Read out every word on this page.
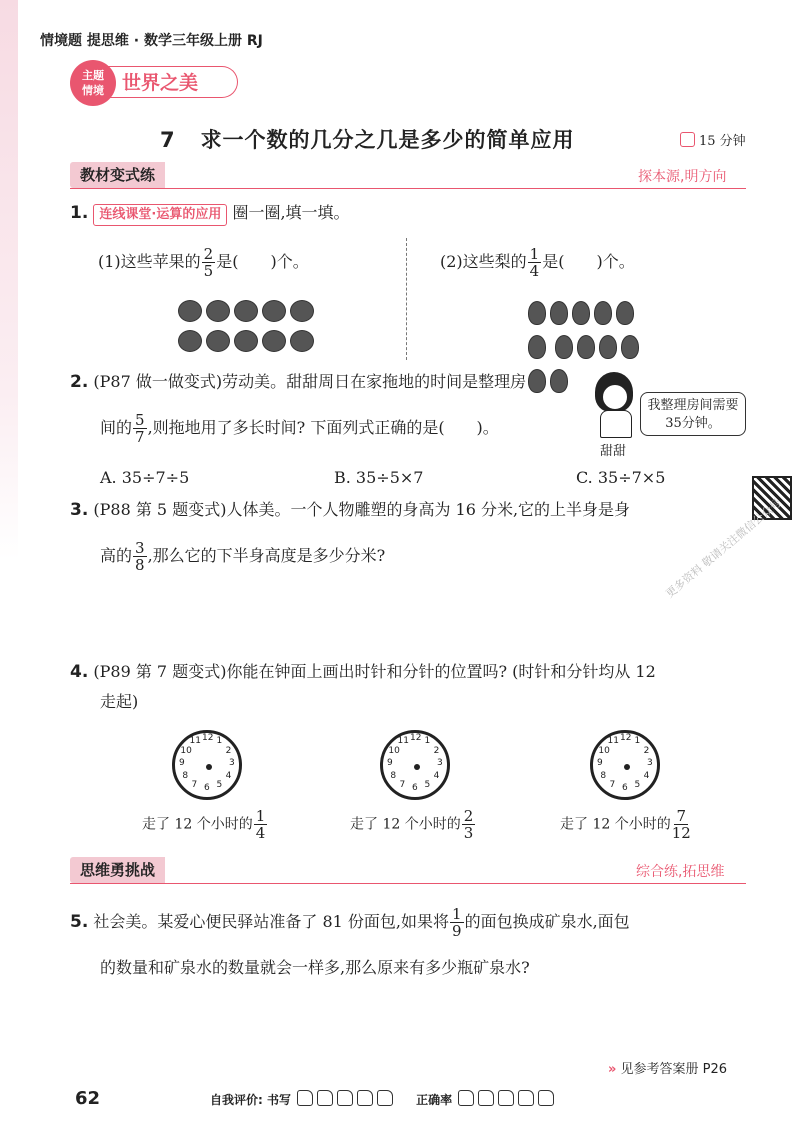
情境题 提思维 · 数学三年级上册 RJ
世界之美
主题
情境
7 求一个数的几分之几是多少的简单应用	15 分钟
教材变式练	探本源,明方向
1. 连线课堂·运算的应用 圈一圈,填一填。
(1)这些苹果的 $\frac{2}{5}$ 是(　　)个。	(2)这些梨的 $\frac{1}{4}$ 是(　　)个。

2. (P87 做一做变式)劳动美。甜甜周日在家拖地的时间是整理房
间的 $\frac{5}{7}$ ,则拖地用了多长时间? 下面列式正确的是(　　)。
甜甜
我整理房间需要35分钟。
A. 35÷7÷5	B. 35÷5×7	C. 35÷7×5
3. (P88 第 5 题变式)人体美。一个人物雕塑的身高为 16 分米,它的上半身是身
高的 $\frac{3}{8}$ ,那么它的下半身高度是多少分米?	更多资料 敬请关注微信公众号
4. (P89 第 7 题变式)你能在钟面上画出时针和分针的位置吗? (时针和分针均从 12
走起)
12 1
2
3
4
5
6
7
8
9
10
11	12 1
2
3
4
5
6
7
8
9
10
11	12 1
2
3
4
5
6
7
8
9
10
11
走了 12 个小时的 $\frac{1}{4}$	走了 12 个小时的 $\frac{2}{3}$	走了 12 个小时的 $\frac{7}{12}$
思维勇挑战	综合练,拓思维
5. 社会美。某爱心便民驿站准备了 81 份面包,如果将 $\frac{1}{9}$ 的面包换成矿泉水,面包
的数量和矿泉水的数量就会一样多,那么原来有多少瓶矿泉水?
» 见参考答案册 P26
62	自我评价: 书写	正确率
